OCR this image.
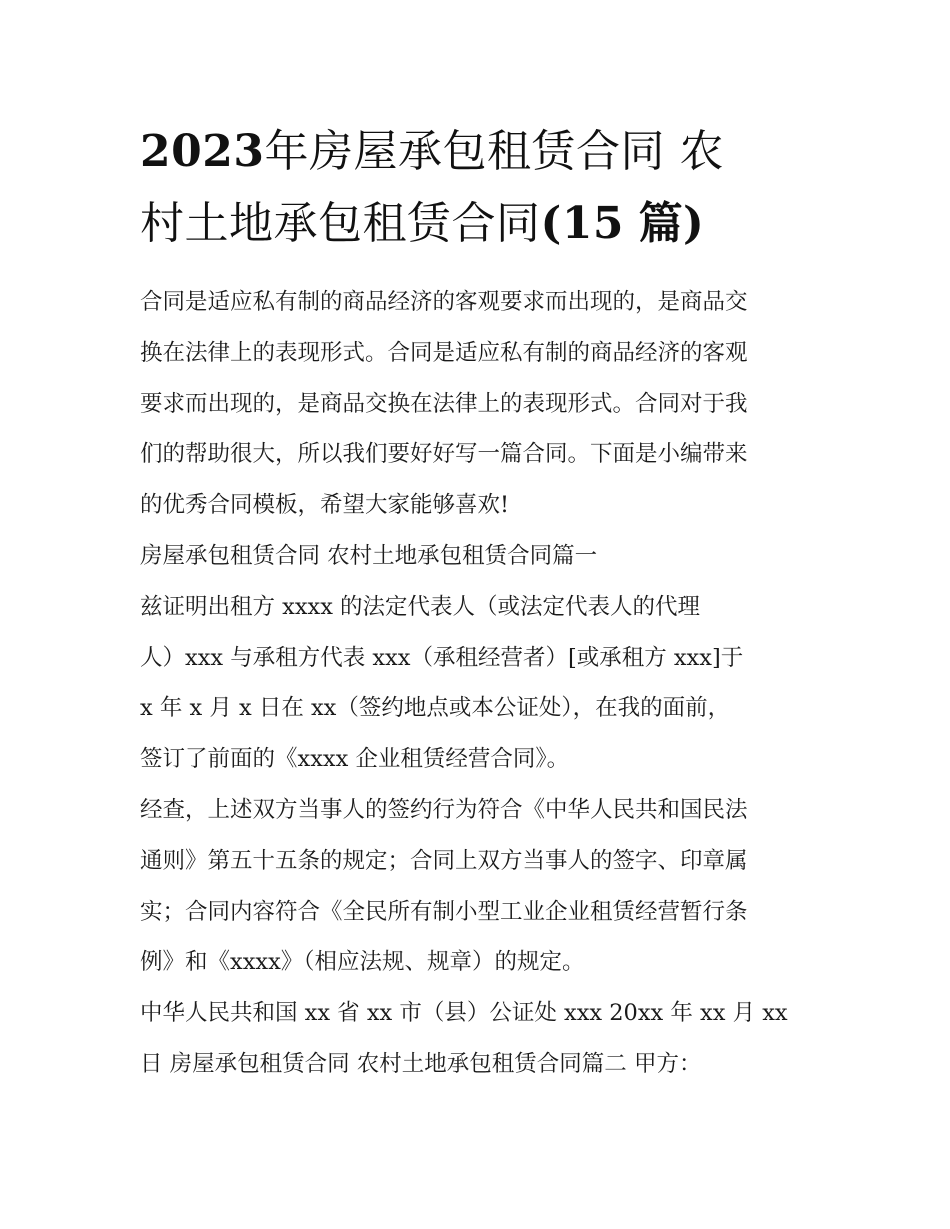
2023年房屋承包租赁合同 农
村土地承包租赁合同(15 篇)
合同是适应私有制的商品经济的客观要求而出现的，是商品交
换在法律上的表现形式。合同是适应私有制的商品经济的客观
要求而出现的，是商品交换在法律上的表现形式。合同对于我
们的帮助很大，所以我们要好好写一篇合同。下面是小编带来
的优秀合同模板，希望大家能够喜欢!
房屋承包租赁合同 农村土地承包租赁合同篇一
兹证明出租方 xxxx 的法定代表人（或法定代表人的代理
人）xxx 与承租方代表 xxx（承租经营者）[或承租方 xxx]于
x 年 x 月 x 日在 xx（签约地点或本公证处），在我的面前，
签订了前面的《xxxx 企业租赁经营合同》。
经查，上述双方当事人的签约行为符合《中华人民共和国民法
通则》第五十五条的规定；合同上双方当事人的签字、印章属
实；合同内容符合《全民所有制小型工业企业租赁经营暂行条
例》和《xxxx》（相应法规、规章）的规定。
中华人民共和国 xx 省 xx 市（县）公证处 xxx 20xx 年 xx 月 xx
日 房屋承包租赁合同 农村土地承包租赁合同篇二 甲方：
